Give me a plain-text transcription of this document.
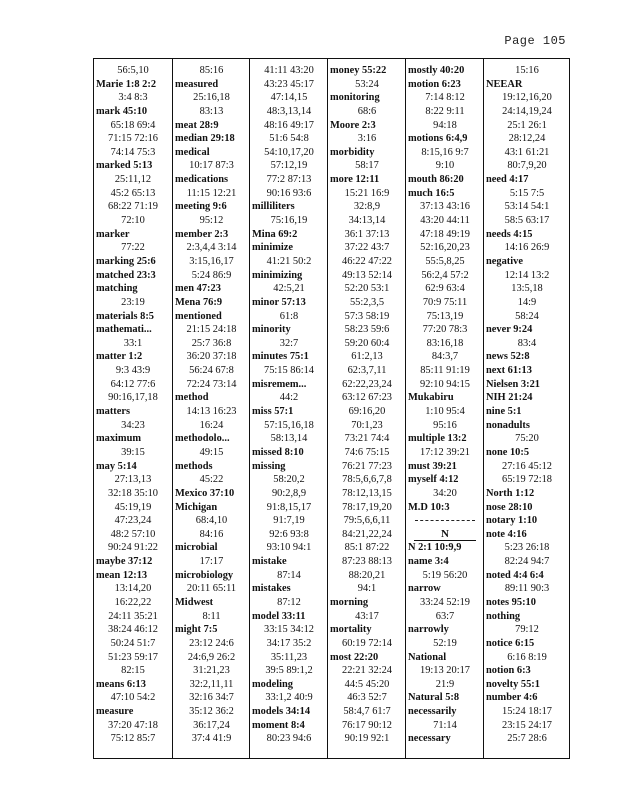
Page 105
56:5,10
Marie 1:8 2:2
3:4 8:3
mark 45:10
65:18 69:4
71:15 72:16
74:14 75:3
marked 5:13
25:11,12
45:2 65:13
68:22 71:19
72:10
marker
77:22
marking 25:6
matched 23:3
matching
23:19
materials 8:5
mathemati...
33:1
matter 1:2
9:3 43:9
64:12 77:6
90:16,17,18
matters
34:23
maximum
39:15
may 5:14
27:13,13
32:18 35:10
45:19,19
47:23,24
48:2 57:10
90:24 91:22
maybe 37:12
mean 12:13
13:14,20
16:22,22
24:11 35:21
38:24 46:12
50:24 51:7
51:23 59:17
82:15
means 6:13
47:10 54:2
measure
37:20 47:18
75:12 85:7
85:16
measured
25:16,18
83:13
meat 28:9
median 29:18
medical
10:17 87:3
medications
11:15 12:21
meeting 9:6
95:12
member 2:3
2:3,4,4 3:14
3:15,16,17
5:24 86:9
men 47:23
Mena 76:9
mentioned
21:15 24:18
25:7 36:8
36:20 37:18
56:24 67:8
72:24 73:14
method
14:13 16:23
16:24
methodolo...
49:15
methods
45:22
Mexico 37:10
Michigan
68:4,10
84:16
microbial
17:17
microbiology
20:11 65:11
Midwest
8:11
might 7:5
23:12 24:6
24:6,9 26:2
31:21,23
32:2,11,11
32:16 34:7
35:12 36:2
36:17,24
37:4 41:9
41:11 43:20
43:23 45:17
47:14,15
48:3,13,14
48:16 49:17
51:6 54:8
54:10,17,20
57:12,19
77:2 87:13
90:16 93:6
milliliters
75:16,19
Mina 69:2
minimize
41:21 50:2
minimizing
42:5,21
minor 57:13
61:8
minority
32:7
minutes 75:1
75:15 86:14
misremem...
44:2
miss 57:1
57:15,16,18
58:13,14
missed 8:10
missing
58:20,2
90:2,8,9
91:8,15,17
91:7,19
92:6 93:8
93:10 94:1
mistake
87:14
mistakes
87:12
model 33:11
33:15 34:12
34:17 35:2
35:11,23
39:5 89:1,2
modeling
33:1,2 40:9
models 34:14
moment 8:4
80:23 94:6
money 55:22
53:24
monitoring
68:6
Moore 2:3
3:16
morbidity
58:17
more 12:11
15:21 16:9
32:8,9
34:13,14
36:1 37:13
37:22 43:7
46:22 47:22
49:13 52:14
52:20 53:1
55:2,3,5
57:3 58:19
58:23 59:6
59:20 60:4
61:2,13
62:3,7,11
62:22,23,24
63:12 67:23
69:16,20
70:1,23
73:21 74:4
74:6 75:15
76:21 77:23
78:5,6,6,7,8
78:12,13,15
78:17,19,20
79:5,6,6,11
84:21,22,24
85:1 87:22
87:23 88:13
88:20,21
94:1
morning
43:17
mortality
60:19 72:14
most 22:20
22:21 32:24
44:5 45:20
46:3 52:7
58:4,7 61:7
76:17 90:12
90:19 92:1
mostly 40:20
motion 6:23
7:14 8:12
8:22 9:11
94:18
motions 6:4,9
8:15,16 9:7
9:10
mouth 86:20
much 16:5
37:13 43:16
43:20 44:11
47:18 49:19
52:16,20,23
55:5,8,25
56:2,4 57:2
62:9 63:4
70:9 75:11
75:13,19
77:20 78:3
83:16,18
84:3,7
85:11 91:19
92:10 94:15
Mukabiru
1:10 95:4
95:16
multiple 13:2
17:12 39:21
must 39:21
myself 4:12
34:20
M.D 10:3
N
N 2:1 10:9,9
name 3:4
5:19 56:20
narrow
33:24 52:19
63:7
narrowly
52:19
National
19:13 20:17
21:9
Natural 5:8
necessarily
71:14
necessary
15:16
NEEAR
19:12,16,20
24:14,19,24
25:1 26:1
28:12,24
43:1 61:21
80:7,9,20
need 4:17
5:15 7:5
53:14 54:1
58:5 63:17
needs 4:15
14:16 26:9
negative
12:14 13:2
13:5,18
14:9
58:24
never 9:24
83:4
news 52:8
next 61:13
Nielsen 3:21
NIH 21:24
nine 5:1
nonadults
75:20
none 10:5
27:16 45:12
65:19 72:18
North 1:12
nose 28:10
notary 1:10
note 4:16
5:23 26:18
82:24 94:7
noted 4:4 6:4
89:11 90:3
notes 95:10
nothing
79:12
notice 6:15
6:16 8:19
notion 6:3
novelty 55:1
number 4:6
15:24 18:17
23:15 24:17
25:7 28:6
